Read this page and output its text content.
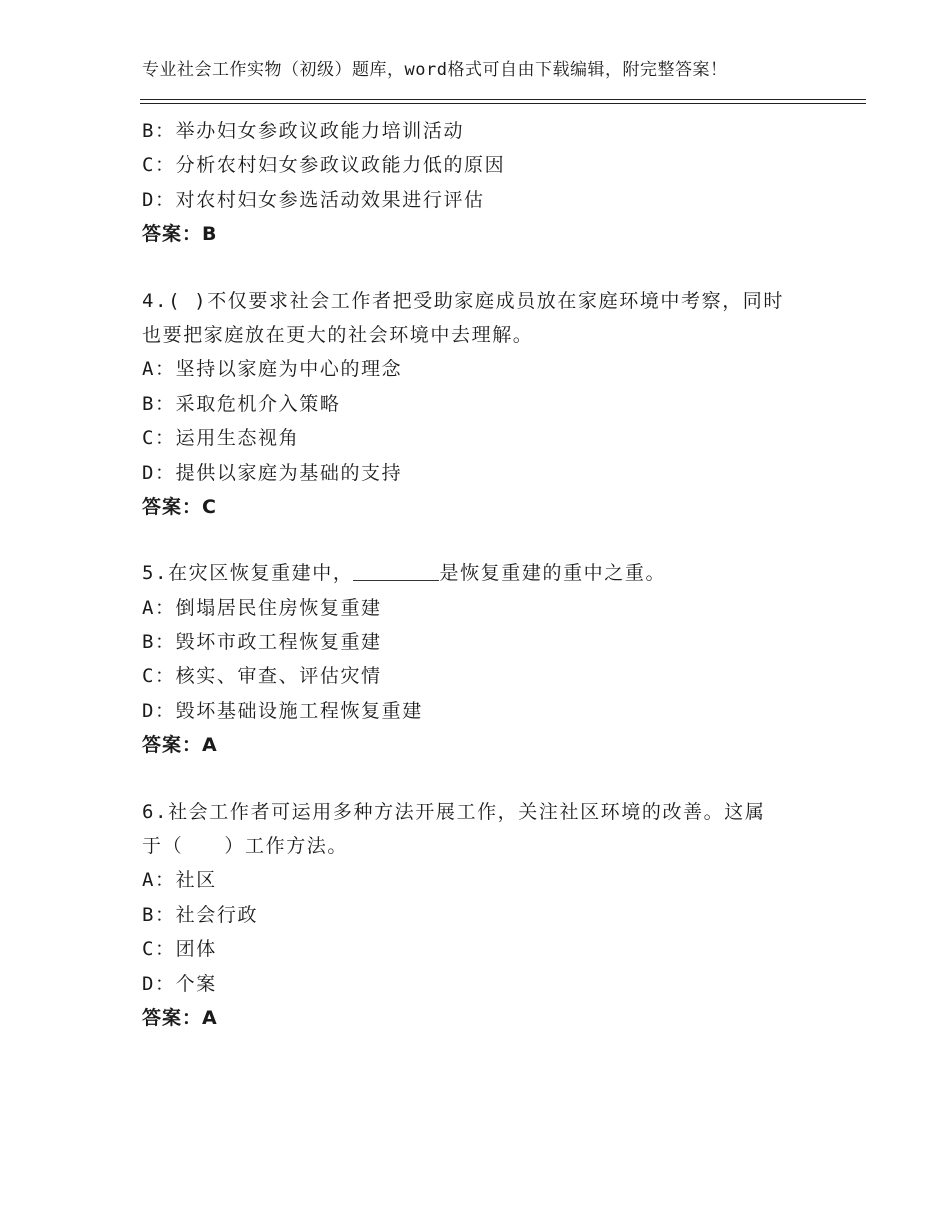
专业社会工作实物（初级）题库，word格式可自由下载编辑，附完整答案！
B：举办妇女参政议政能力培训活动
C：分析农村妇女参政议政能力低的原因
D：对农村妇女参选活动效果进行评估
答案：B
4.( )不仅要求社会工作者把受助家庭成员放在家庭环境中考察，同时
也要把家庭放在更大的社会环境中去理解。
A：坚持以家庭为中心的理念
B：采取危机介入策略
C：运用生态视角
D：提供以家庭为基础的支持
答案：C
5.在灾区恢复重建中，	是恢复重建的重中之重。
A：倒塌居民住房恢复重建
B：毁坏市政工程恢复重建
C：核实、审查、评估灾情
D：毁坏基础设施工程恢复重建
答案：A
6.社会工作者可运用多种方法开展工作，关注社区环境的改善。这属
于（　　）工作方法。
A：社区
B：社会行政
C：团体
D：个案
答案：A
